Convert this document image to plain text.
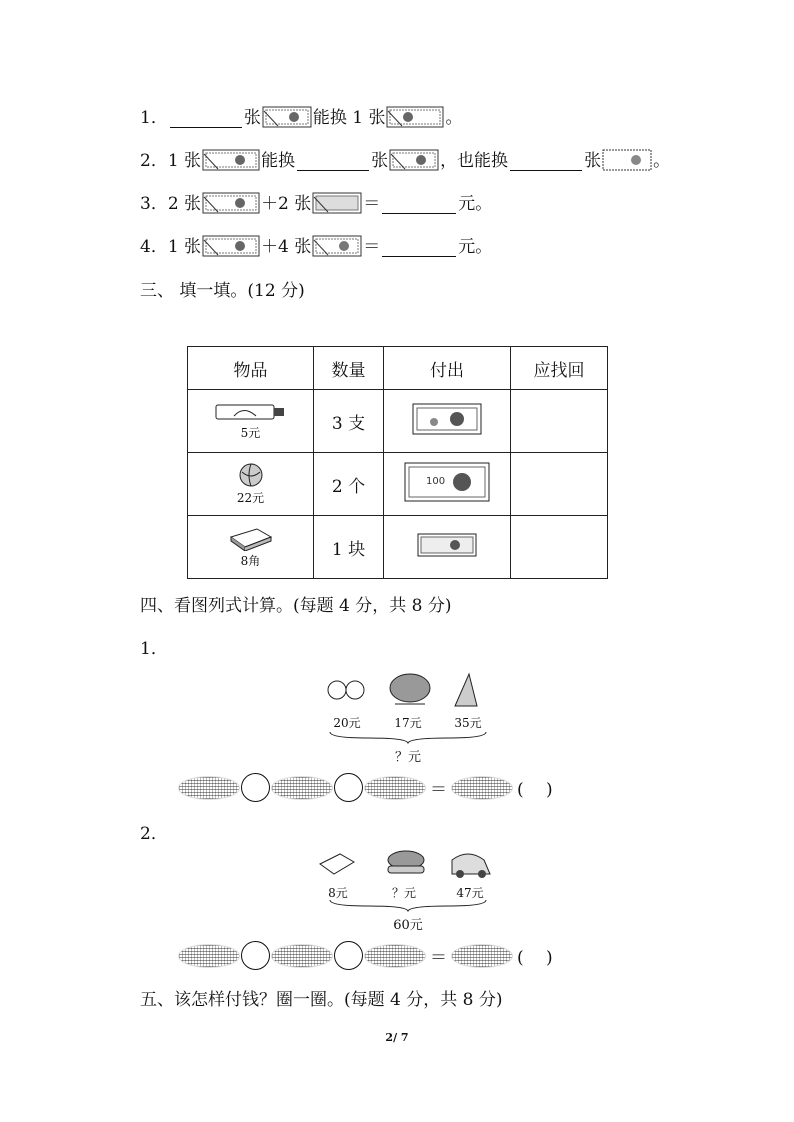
1．	张	能换 1 张	。
2． 1 张	能换	张	，也能换	张	。
3． 2 张	＋2 张	＝	元。
4． 1 张	＋4 张	＝	元。
三、 填一填。(12 分)
物品	数量	付出	应找回

5元	3 支		

22元	2 个	100	

8角	1 块		
四、看图列式计算。(每题 4 分，共 8 分)
1．
20元	17元	35元
？元
＝	(　 )
2．
8元	？元	47元
60元
＝	(　 )
五、该怎样付钱？圈一圈。(每题 4 分，共 8 分)
2/ 7
